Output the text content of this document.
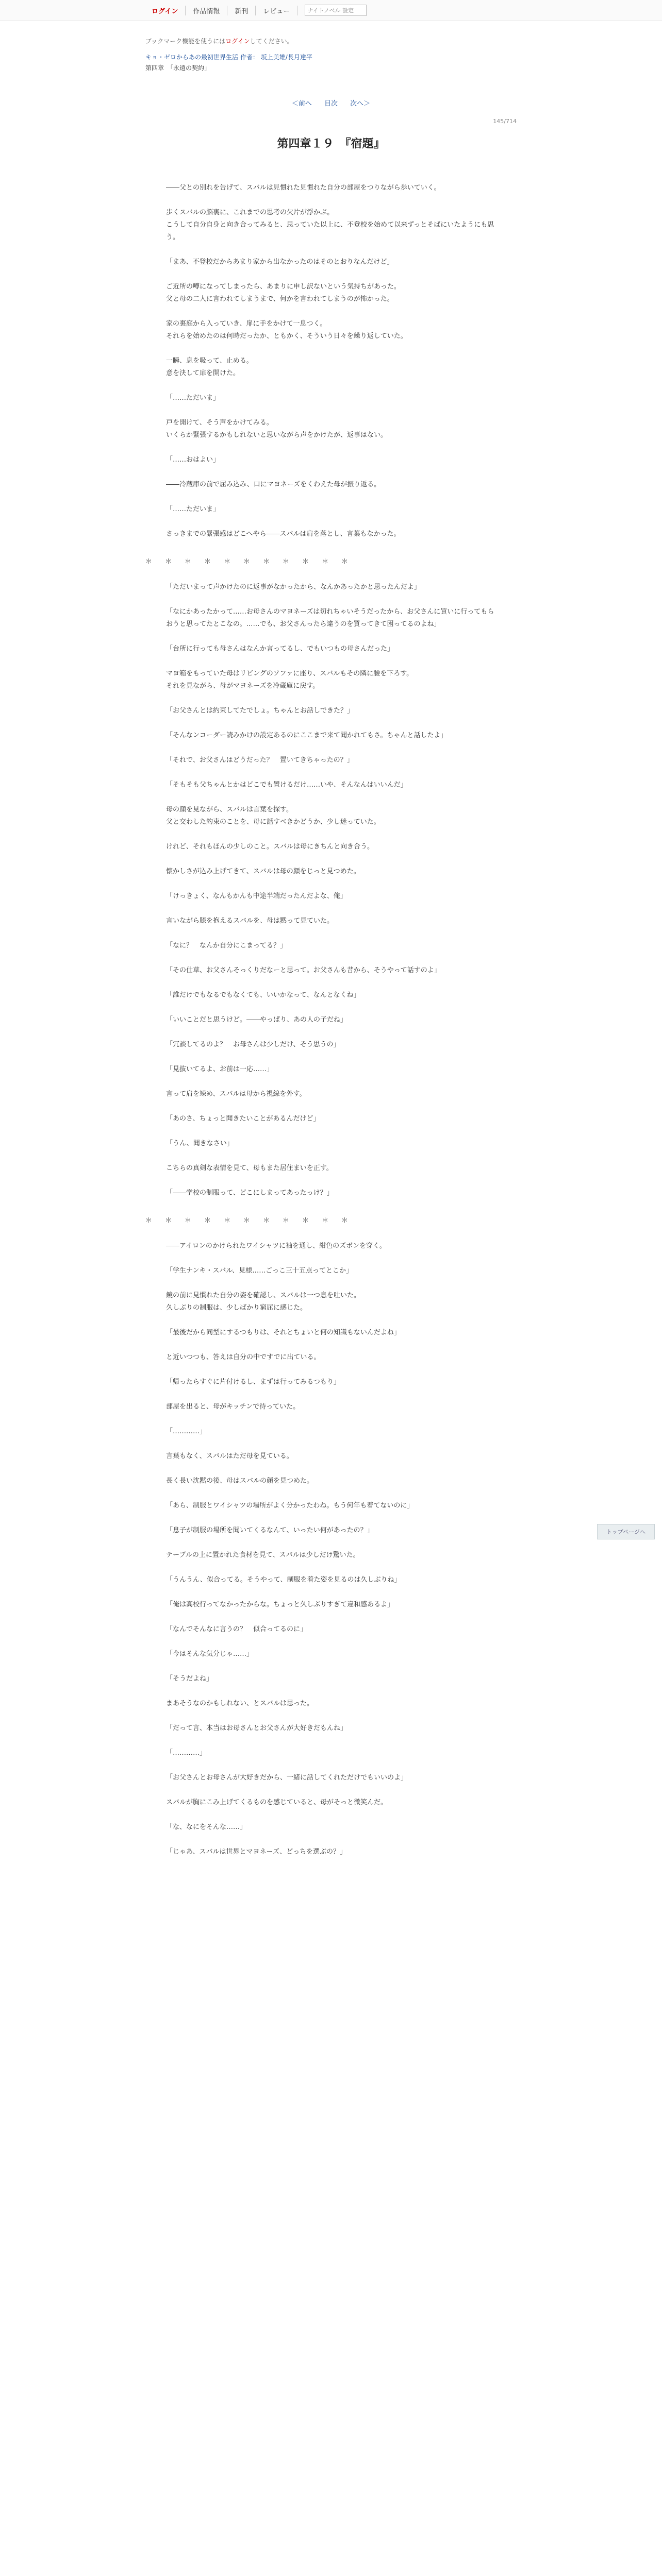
ログイン	作品情報	新刊	レビュー	ナイトノベル 設定
ブックマーク機能を使うにはログインしてください。
キョ・ゼロからあの最初世界生活 作者： 坂上美雄/長月達平
第四章　「永遠の契約」
＜前へ 目次 次へ＞
145/714
第四章１９　『宿題』

――父との別れを告げて、スバルは見慣れた見慣れた自分の部屋をつりながら歩いていく。

歩くスバルの脳裏に、これまでの思考の欠片が浮かぶ。
こうして自分自身と向き合ってみると、思っていた以上に、不登校を始めて以来ずっとそばにいたようにも思う。

「まあ、不登校だからあまり家から出なかったのはそのとおりなんだけど」

ご近所の噂になってしまったら、あまりに申し訳ないという気持ちがあった。
父と母の二人に言われてしまうまで、何かを言われてしまうのが怖かった。

家の裏庭から入っていき、扉に手をかけて一息つく。
それらを始めたのは何時だったか、ともかく、そういう日々を繰り返していた。

一瞬、息を吸って、止める。
意を決して扉を開けた。

「……ただいま」

戸を開けて、そう声をかけてみる。
いくらか緊張するかもしれないと思いながら声をかけたが、返事はない。

「……おはよい」

――冷蔵庫の前で屈み込み、口にマヨネーズをくわえた母が振り返る。

「……ただいま」

さっきまでの緊張感はどこへやら――スバルは肩を落とし、言葉もなかった。

＊　＊　＊　＊　＊　＊　＊　＊　＊　＊　＊

「ただいまって声かけたのに返事がなかったから、なんかあったかと思ったんだよ」

「なにかあったかって……お母さんのマヨネーズは切れちゃいそうだったから、お父さんに買いに行ってもらおうと思ってたとこなの。……でも、お父さんったら違うのを買ってきて困ってるのよね」

「台所に行っても母さんはなんか言ってるし、でもいつもの母さんだった」

マヨ箱をもっていた母はリビングのソファに座り、スバルもその隣に腰を下ろす。
それを見ながら、母がマヨネーズを冷蔵庫に戻す。

「お父さんとは約束してたでしょ。ちゃんとお話しできた？」

「そんなンコーダー読みかけの設定あるのにここまで来て聞かれてもさ。ちゃんと話したよ」

「それで、お父さんはどうだった？　置いてきちゃったの？」

「そもそも父ちゃんとかはどこでも置けるだけ……いや、そんなんはいいんだ」

母の顔を見ながら、スバルは言葉を探す。
父と交わした約束のことを、母に話すべきかどうか、少し迷っていた。

けれど、それもほんの少しのこと。スバルは母にきちんと向き合う。

懐かしさが込み上げてきて、スバルは母の顔をじっと見つめた。

「けっきょく、なんもかんも中途半端だったんだよな、俺」

言いながら膝を抱えるスバルを、母は黙って見ていた。

「なに？　なんか自分にこまってる？」

「その仕草、お父さんそっくりだなーと思って。お父さんも昔から、そうやって話すのよ」

「誰だけでもなるでもなくても、いいかなって、なんとなくね」

「いいことだと思うけど。――やっぱり、あの人の子だね」

「冗談してるのよ？　お母さんは少しだけ、そう思うの」

「見抜いてるよ、お前は一応……」

言って肩を竦め、スバルは母から視線を外す。

「あのさ、ちょっと聞きたいことがあるんだけど」

「うん、聞きなさい」

こちらの真剣な表情を見て、母もまた居住まいを正す。

「――学校の制服って、どこにしまってあったっけ？」

＊　＊　＊　＊　＊　＊　＊　＊　＊　＊　＊

――アイロンのかけられたワイシャツに袖を通し、紺色のズボンを穿く。

「学生ナンキ・スバル、見様……ごっこ三十五点ってとこか」

鏡の前に見慣れた自分の姿を確認し、スバルは一つ息を吐いた。
久しぶりの制服は、少しばかり窮屈に感じた。

「最後だから同型にするつもりは、それとちょいと何の知識もないんだよね」

と近いつつも、答えは自分の中ですでに出ている。

「帰ったらすぐに片付けるし、まずは行ってみるつもり」

部屋を出ると、母がキッチンで待っていた。

「…………」

言葉もなく、スバルはただ母を見ている。

長く長い沈黙の後、母はスバルの顔を見つめた。

「あら、制服とワイシャツの場所がよく分かったわね。もう何年も着てないのに」

「息子が制服の場所を聞いてくるなんて、いったい何があったの？」

テーブルの上に置かれた食材を見て、スバルは少しだけ驚いた。

「うんうん、似合ってる。そうやって、制服を着た姿を見るのは久しぶりね」

「俺は高校行ってなかったからな。ちょっと久しぶりすぎて違和感あるよ」

「なんでそんなに言うの？　似合ってるのに」

「今はそんな気分じゃ……」

「そうだよね」

まあそうなのかもしれない、とスバルは思った。

「だって言、本当はお母さんとお父さんが大好きだもんね」

「…………」

「お父さんとお母さんが大好きだから、一緒に話してくれただけでもいいのよ」

スバルが胸にこみ上げてくるものを感じていると、母がそっと微笑んだ。

「な、なにをそんな……」

「じゃあ、スバルは世界とマヨネーズ、どっちを選ぶの？」

トップページへ
